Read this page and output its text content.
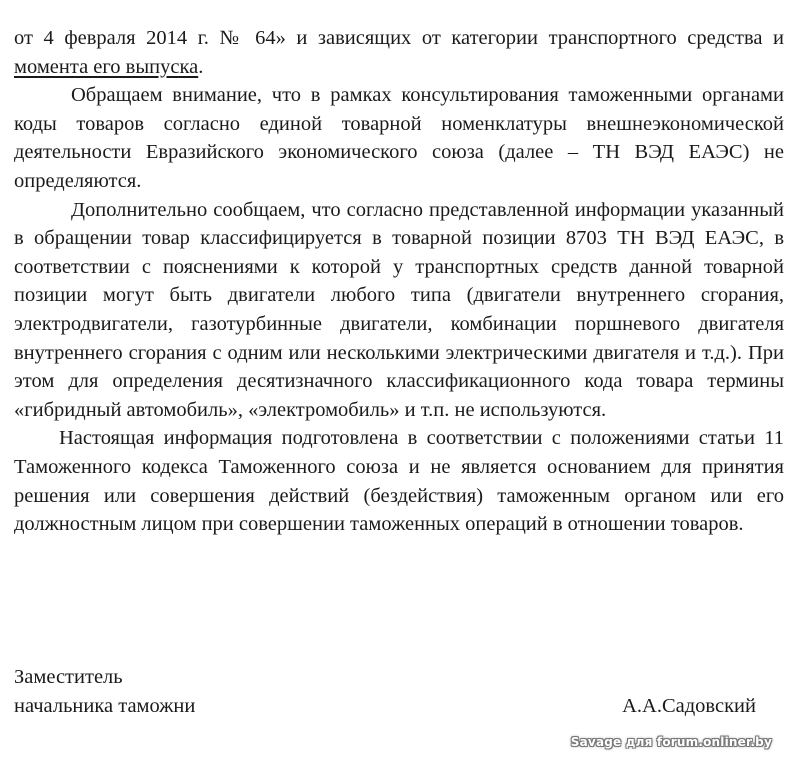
от 4 февраля 2014 г. № 64» и зависящих от категории транспортного средства и момента его выпуска.

Обращаем внимание, что в рамках консультирования таможенными органами коды товаров согласно единой товарной номенклатуры внешнеэкономической деятельности Евразийского экономического союза (далее – ТН ВЭД ЕАЭС) не определяются.

Дополнительно сообщаем, что согласно представленной информации указанный в обращении товар классифицируется в товарной позиции 8703 ТН ВЭД ЕАЭС, в соответствии с пояснениями к которой у транспортных средств данной товарной позиции могут быть двигатели любого типа (двигатели внутреннего сгорания, электродвигатели, газотурбинные двигатели, комбинации поршневого двигателя внутреннего сгорания с одним или несколькими электрическими двигателя и т.д.). При этом для определения десятизначного классификационного кода товара термины «гибридный автомобиль», «электромобиль» и т.п. не используются.

Настоящая информация подготовлена в соответствии с положениями статьи 11 Таможенного кодекса Таможенного союза и не является основанием для принятия решения или совершения действий (бездействия) таможенным органом или его должностным лицом при совершении таможенных операций в отношении товаров.

Заместитель
начальника таможни	А.А.Садовский
Savage для forum.onliner.by
